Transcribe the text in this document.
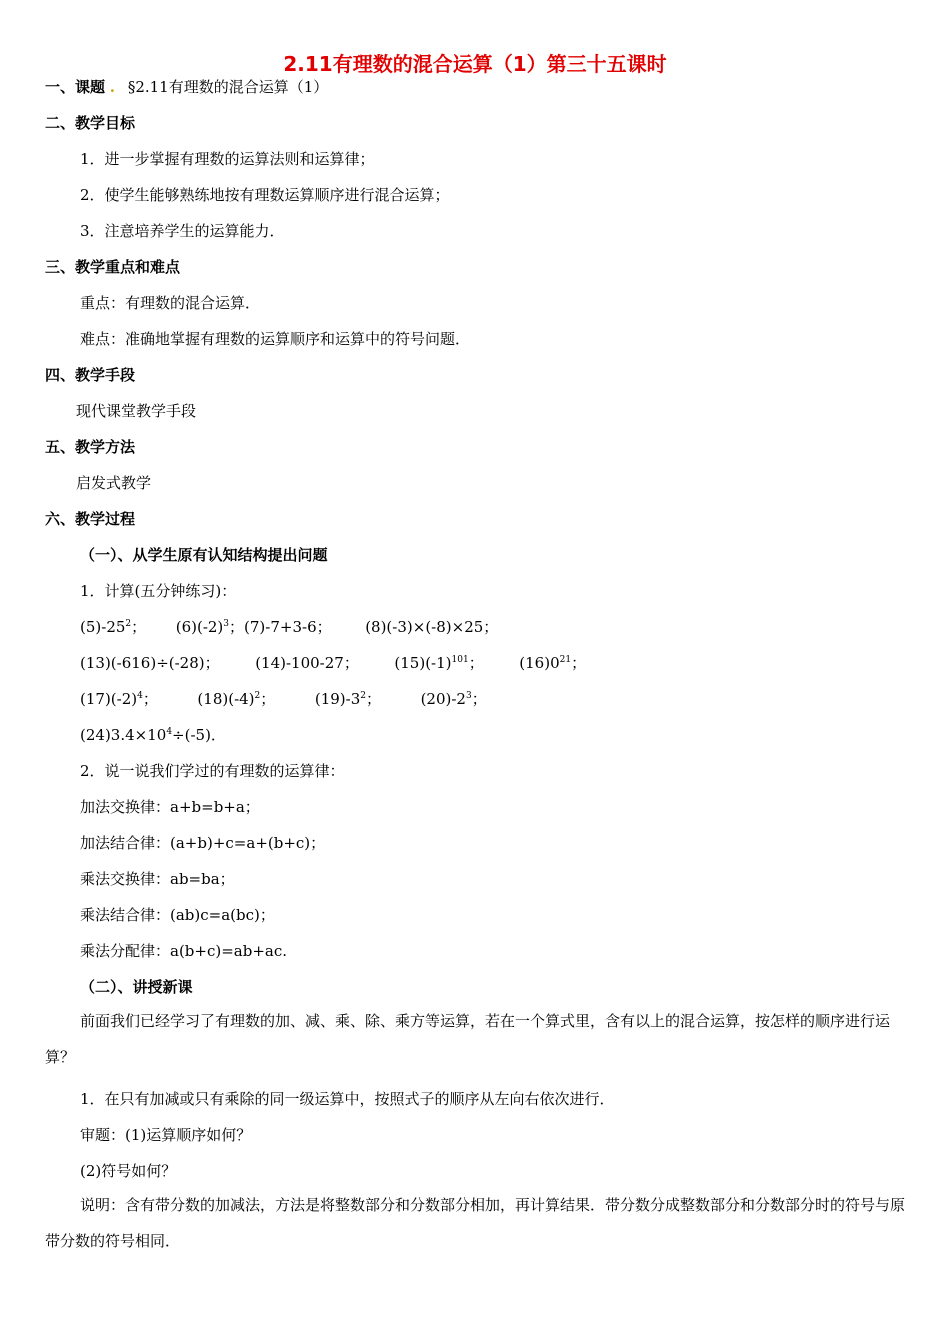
2.11有理数的混合运算（1）第三十五课时
一、课题 . §2.11有理数的混合运算（1）
二、教学目标
1．进一步掌握有理数的运算法则和运算律；
2．使学生能够熟练地按有理数运算顺序进行混合运算；
3．注意培养学生的运算能力．
三、教学重点和难点
重点：有理数的混合运算．
难点：准确地掌握有理数的运算顺序和运算中的符号问题．
四、教学手段
现代课堂教学手段
五、教学方法
启发式教学
六、教学过程
（一）、从学生原有认知结构提出问题
1．计算(五分钟练习)：
$(5)-25^2$； $(6)(-2)^3$；(7)-7+3-6； (8)(-3)×(-8)×25；
(13)(-616)÷(-28)； (14)-100-27； $(15)(-1)^{101}$； $(16)0^{21}$；
$(17)(-2)^4$；	$(18)(-4)^2$；	$(19)-3^2$；	$(20)-2^3$；
$(24)3.4\times 10^4\div(-5)$．
2．说一说我们学过的有理数的运算律：
加法交换律：a+b=b+a；
加法结合律：(a+b)+c=a+(b+c)；
乘法交换律：ab=ba；
乘法结合律：(ab)c=a(bc)；
乘法分配律：a(b+c)=ab+ac.
（二）、讲授新课
前面我们已经学习了有理数的加、减、乘、除、乘方等运算，若在一个算式里，含有以上的混合运算，按怎样的顺序进行运算？
1．在只有加减或只有乘除的同一级运算中，按照式子的顺序从左向右依次进行．
审题：(1)运算顺序如何？
(2)符号如何？
说明：含有带分数的加减法，方法是将整数部分和分数部分相加，再计算结果．带分数分成整数部分和分数部分时的符号与原带分数的符号相同．
